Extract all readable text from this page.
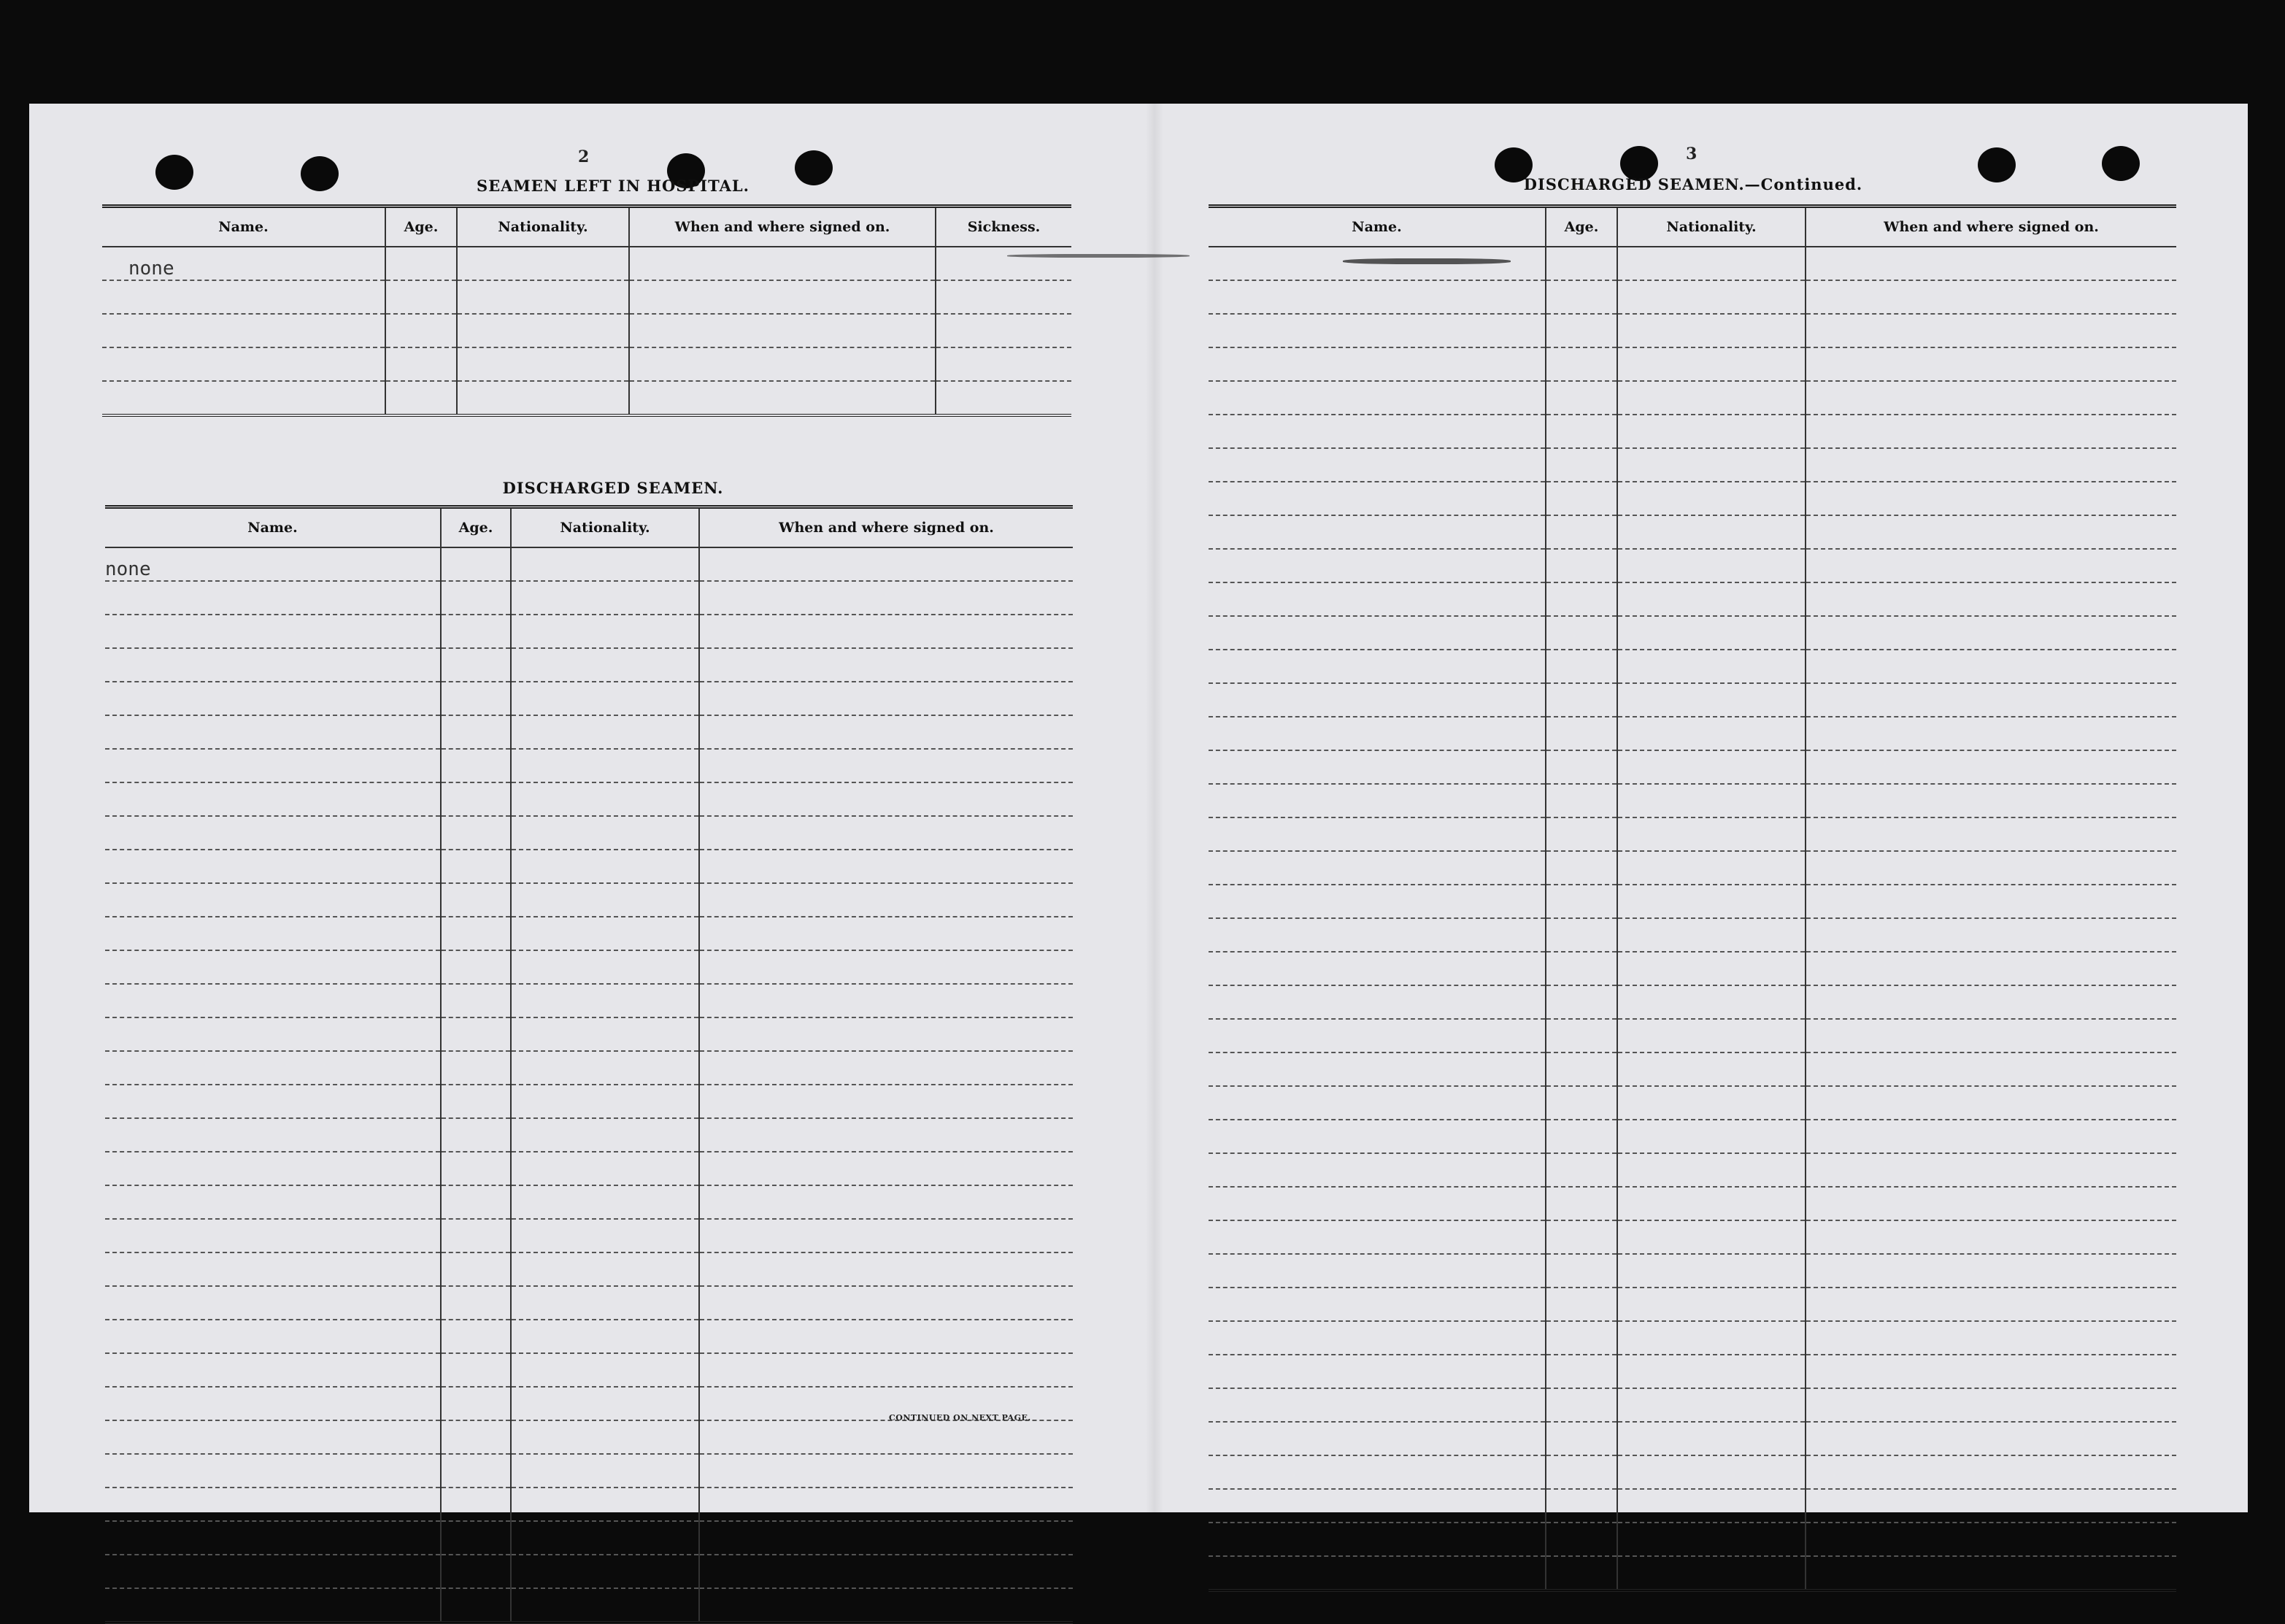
2
SEAMEN LEFT IN HOSPITAL.
Name.	Age.	Nationality.	When and where signed on.	Sickness.
none				

DISCHARGED SEAMEN.
Name.	Age.	Nationality.	When and where signed on.
none			

CONTINUED ON NEXT PAGE.
3
DISCHARGED SEAMEN.—Continued.
Name.	Age.	Nationality.	When and where signed on.
